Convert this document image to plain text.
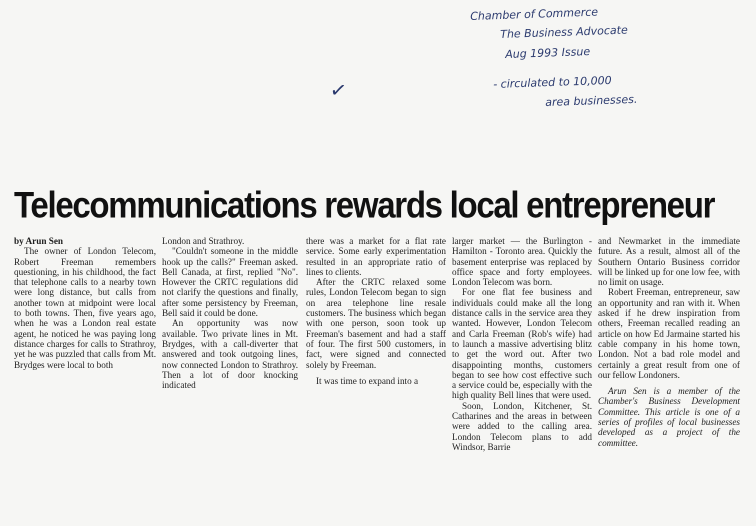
Chamber of Commerce
The Business Advocate
Aug 1993 Issue
- circulated to 10,000
area businesses.
✓
Telecommunications rewards local entrepreneur

by Arun Sen

The owner of London Telecom, Robert Freeman remembers questioning, in his childhood, the fact that telephone calls to a nearby town were long distance, but calls from another town at midpoint were local to both towns. Then, five years ago, when he was a London real estate agent, he noticed he was paying long distance charges for calls to Strathroy, yet he was puzzled that calls from Mt. Brydges were local to both

London and Strathroy.

"Couldn't someone in the middle hook up the calls?" Freeman asked. Bell Canada, at first, replied "No". However the CRTC regulations did not clarify the questions and finally, after some persistency by Freeman, Bell said it could be done.

An opportunity was now available. Two private lines in Mt. Brydges, with a call-diverter that answered and took outgoing lines, now connected London to Strathroy. Then a lot of door knocking indicated

there was a market for a flat rate service. Some early experimentation resulted in an appropriate ratio of lines to clients.

After the CRTC relaxed some rules, London Telecom began to sign on area telephone line resale customers. The business which began with one person, soon took up Freeman's basement and had a staff of four. The first 500 customers, in fact, were signed and connected solely by Freeman.

It was time to expand into a

larger market — the Burlington - Hamilton - Toronto area. Quickly the basement enterprise was replaced by office space and forty employees. London Telecom was born.

For one flat fee business and individuals could make all the long distance calls in the service area they wanted. However, London Telecom and Carla Freeman (Rob's wife) had to launch a massive advertising blitz to get the word out. After two disappointing months, customers began to see how cost effective such a service could be, especially with the high quality Bell lines that were used.

Soon, London, Kitchener, St. Catharines and the areas in between were added to the calling area. London Telecom plans to add Windsor, Barrie

and Newmarket in the immediate future. As a result, almost all of the Southern Ontario Business corridor will be linked up for one low fee, with no limit on usage.

Robert Freeman, entrepreneur, saw an opportunity and ran with it. When asked if he drew inspiration from others, Freeman recalled reading an article on how Ed Jarmaine started his cable company in his home town, London. Not a bad role model and certainly a great result from one of our fellow Londoners.

Arun Sen is a member of the Chamber's Business Development Committee. This article is one of a series of profiles of local businesses developed as a project of the committee.
